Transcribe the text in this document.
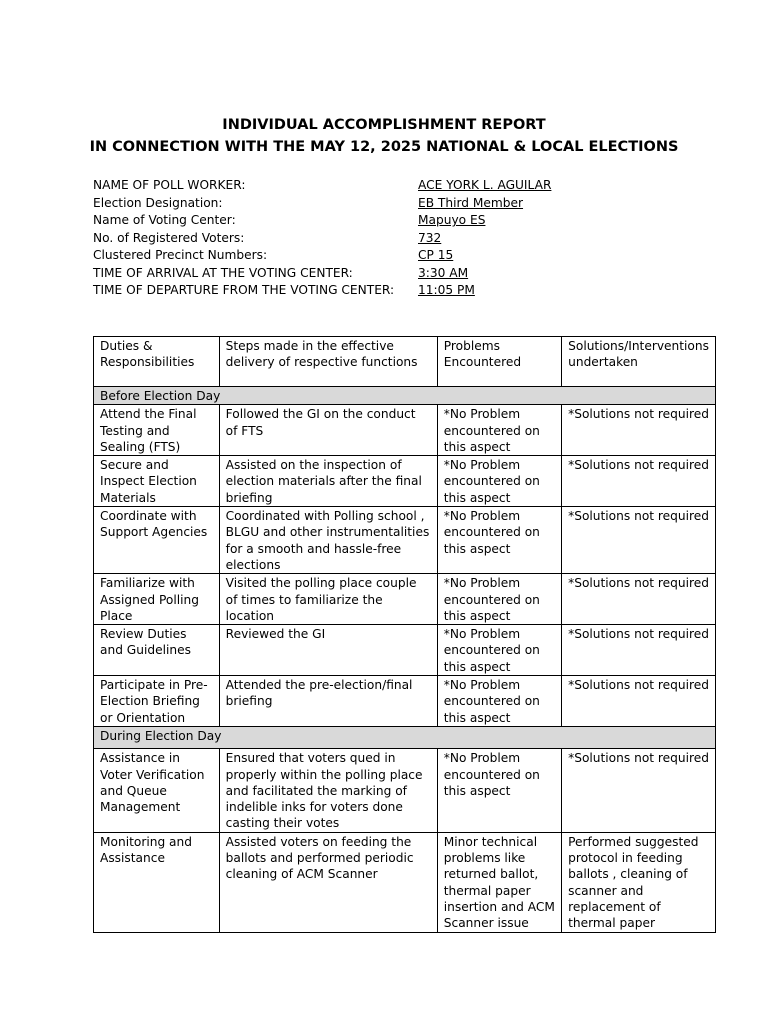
INDIVIDUAL ACCOMPLISHMENT REPORT
IN CONNECTION WITH THE MAY 12, 2025 NATIONAL & LOCAL ELECTIONS
NAME OF POLL WORKER:	ACE YORK L. AGUILAR
Election Designation:	EB Third Member
Name of Voting Center:	Mapuyo ES
No. of Registered Voters:	732
Clustered Precinct Numbers:	CP 15
TIME OF ARRIVAL AT THE VOTING CENTER:	3:30 AM
TIME OF DEPARTURE FROM THE VOTING CENTER: 11:05 PM
Duties & Responsibilities	Steps made in the effective delivery of respective functions	Problems Encountered	Solutions/Interventions undertaken
Before Election Day			
Attend the Final Testing and Sealing (FTS)	Followed the GI on the conduct of FTS	*No Problem encountered on this aspect	*Solutions not required
Secure and Inspect Election Materials	Assisted on the inspection of election materials after the final briefing	*No Problem encountered on this aspect	*Solutions not required
Coordinate with Support Agencies	Coordinated with Polling school , BLGU and other instrumentalities for a smooth and hassle-free elections	*No Problem encountered on this aspect	*Solutions not required
Familiarize with Assigned Polling Place	Visited the polling place couple of times to familiarize the location	*No Problem encountered on this aspect	*Solutions not required
Review Duties and Guidelines	Reviewed the GI	*No Problem encountered on this aspect	*Solutions not required
Participate in Pre-Election Briefing or Orientation	Attended the pre-election/final briefing	*No Problem encountered on this aspect	*Solutions not required
During Election Day			
Assistance in Voter Verification and Queue Management	Ensured that voters qued in properly within the polling place and facilitated the marking of indelible inks for voters done casting their votes	*No Problem encountered on this aspect	*Solutions not required
Monitoring and Assistance	Assisted voters on feeding the ballots and performed periodic cleaning of ACM Scanner	Minor technical problems like returned ballot, thermal paper insertion and ACM Scanner issue	Performed suggested protocol in feeding ballots , cleaning of scanner and replacement of thermal paper
